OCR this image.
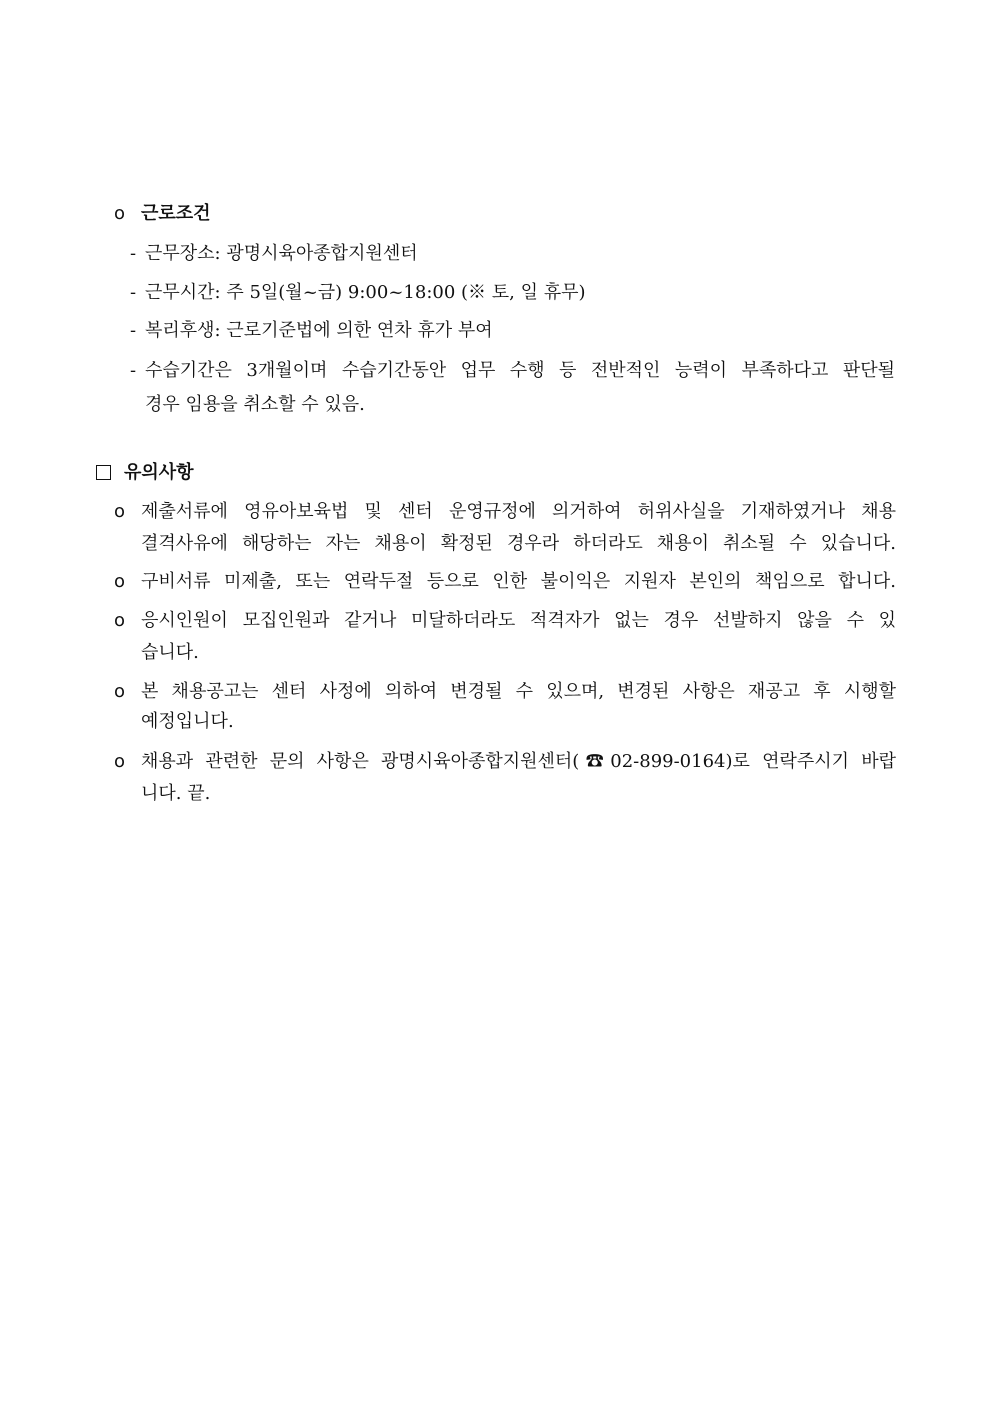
o 근로조건
- 근무장소: 광명시육아종합지원센터
- 근무시간: 주 5일(월~금) 9:00~18:00 (※ 토, 일 휴무)
- 복리후생: 근로기준법에 의한 연차 휴가 부여
- 수습기간은 3개월이며 수습기간동안 업무 수행 등 전반적인 능력이 부족하다고 판단될
경우 임용을 취소할 수 있음.
유의사항
o 제출서류에 영유아보육법 및 센터 운영규정에 의거하여 허위사실을 기재하였거나 채용
결격사유에 해당하는 자는 채용이 확정된 경우라 하더라도 채용이 취소될 수 있습니다.
o 구비서류 미제출, 또는 연락두절 등으로 인한 불이익은 지원자 본인의 책임으로 합니다.
o 응시인원이 모집인원과 같거나 미달하더라도 적격자가 없는 경우 선발하지 않을 수 있
습니다.
o 본 채용공고는 센터 사정에 의하여 변경될 수 있으며, 변경된 사항은 재공고 후 시행할
예정입니다.
o 채용과 관련한 문의 사항은 광명시육아종합지원센터(☎02-899-0164)로 연락주시기 바랍
니다. 끝.
